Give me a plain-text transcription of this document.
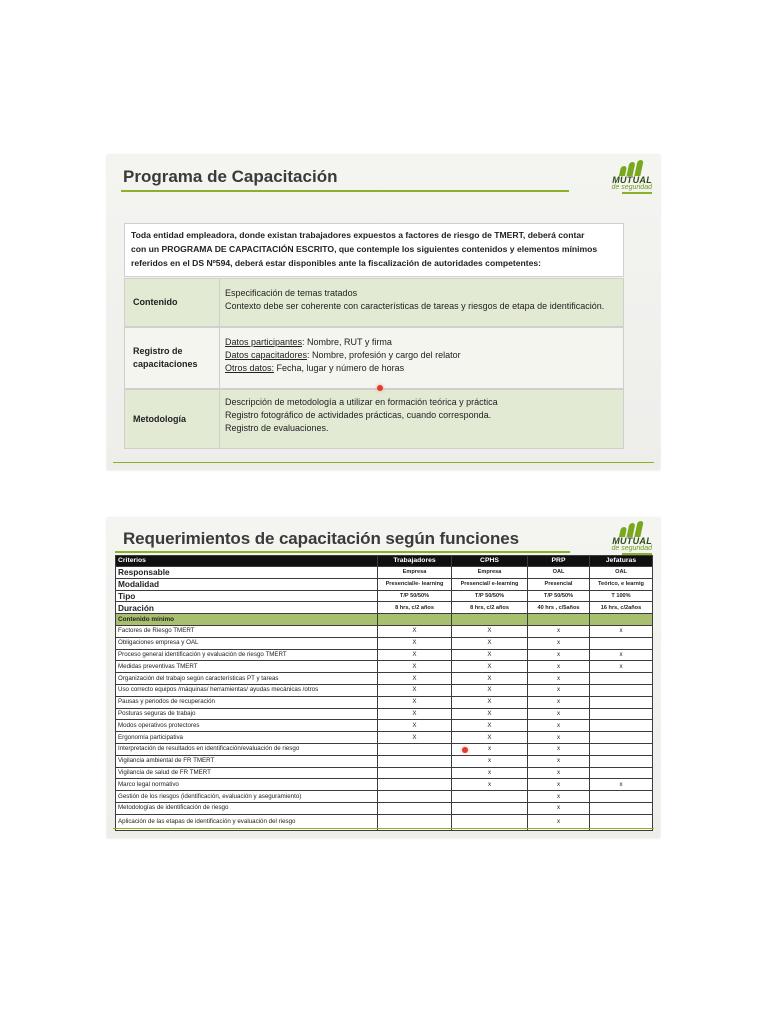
Programa de Capacitación	MUTUAL
de seguridad
Toda entidad empleadora, donde existan trabajadores expuestos a factores de riesgo de TMERT, deberá contar
con un PROGRAMA DE CAPACITACIÓN ESCRITO, que contemple los siguientes contenidos y elementos mínimos
referidos en el DS Nº594, deberá estar disponibles ante la fiscalización de autoridades competentes:
Contenido
Especificación de temas tratados
Contexto debe ser coherente con características de tareas y riesgos de etapa de identificación.
Registro de
capacitaciones
Datos participantes: Nombre, RUT y firma
Datos capacitadores: Nombre, profesión y cargo del relator
Otros datos: Fecha, lugar y número de horas
Metodología
Descripción de metodología a utilizar en formación teórica y práctica
Registro fotográfico de actividades prácticas, cuando corresponda.
Registro de evaluaciones.
Requerimientos de capacitación según funciones	MUTUAL
de seguridad
Criterios	Trabajadores	CPHS	PRP	Jefaturas
Responsable	Empresa	Empresa	OAL	OAL
Modalidad	Presencial/e- learning	Presencial/ e-learning	Presencial	Teórico, e learnig
Tipo	T/P 50/50%	T/P 50/50%	T/P 50/50%	T 100%
Duración	8 hrs, c/2 años	8 hrs, c/2 años	40 hrs , c/5años	16 hrs, c/2años
Contenido mínimo				
Factores de Riesgo TMERT	X	X	x	x
Obligaciones empresa y OAL	X	X	x	
Proceso general identificación y evaluación de riesgo TMERT	X	X	x	x
Medidas preventivas TMERT	X	X	x	x
Organización del trabajo según características PT y tareas	X	X	x	
Uso correcto equipos /máquinas/ herramientas/ ayudas mecánicas /otros	X	X	x	
Pausas y periodos de recuperación	X	X	x	
Posturas seguras de trabajo	X	X	x	
Modos operativos protectores	X	X	x	
Ergonomía participativa	X	X	x	
Interpretación de resultados en identificación/evaluación de riesgo		x	x	
Vigilancia ambiental de FR TMERT		x	x	
Vigilancia de salud de FR TMERT		x	x	
Marco legal normativo		x	x	x
Gestión de los riesgos (identificación, evaluación y aseguramiento)			x	
Metodologías de identificación de riesgo			x	
Aplicación de las etapas de identificación y evaluación del riesgo			x	
